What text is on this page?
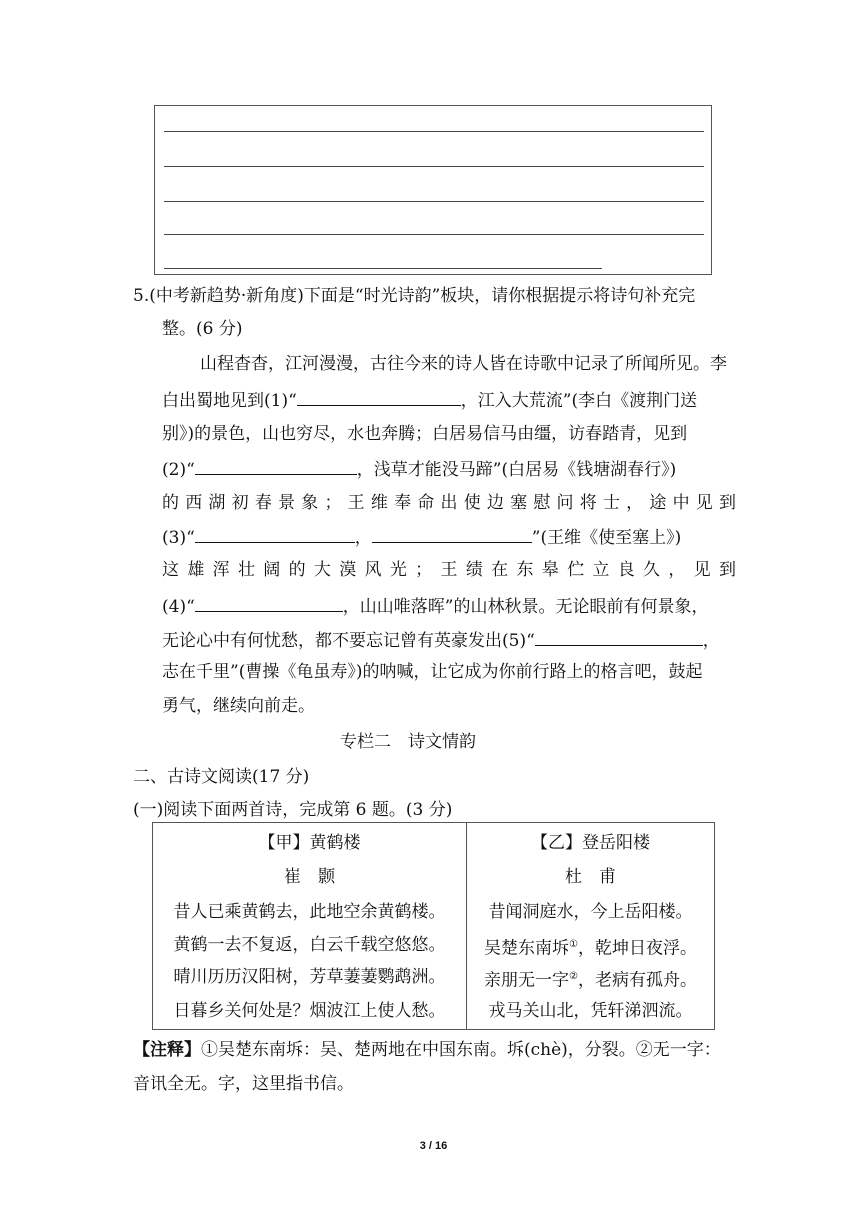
5.(中考新趋势·新角度)下面是“时光诗韵”板块，请你根据提示将诗句补充完
整。(6 分)
山程杳杳，江河漫漫，古往今来的诗人皆在诗歌中记录了所闻所见。李
白出蜀地见到(1)“	，江入大荒流”(李白《渡荆门送
别》)的景色，山也穷尽，水也奔腾；白居易信马由缰，访春踏青，见到
(2)“	，浅草才能没马蹄”(白居易《钱塘湖春行》)
的西湖初春景象；王维奉命出使边塞慰问将士，途中见到
(3)“	，	”(王维《使至塞上》)
这雄浑壮阔的大漠风光；王绩在东皋伫立良久，见到
(4)“	，山山唯落晖”的山林秋景。无论眼前有何景象，
无论心中有何忧愁，都不要忘记曾有英豪发出(5)“	，
志在千里”(曹操《龟虽寿》)的呐喊，让它成为你前行路上的格言吧，鼓起
勇气，继续向前走。
专栏二　诗文情韵
二、古诗文阅读(17 分)
(一)阅读下面两首诗，完成第 6 题。(3 分)
【甲】黄鹤楼
崔　颢
昔人已乘黄鹤去，此地空余黄鹤楼。
黄鹤一去不复返，白云千载空悠悠。
晴川历历汉阳树，芳草萋萋鹦鹉洲。
日暮乡关何处是？烟波江上使人愁。
【乙】登岳阳楼
杜　甫
昔闻洞庭水，今上岳阳楼。
吴楚东南坼①，乾坤日夜浮。
亲朋无一字②，老病有孤舟。
戎马关山北，凭轩涕泗流。
【注释】①吴楚东南坼：吴、楚两地在中国东南。坼(chè)，分裂。②无一字：
音讯全无。字，这里指书信。
3 / 16
